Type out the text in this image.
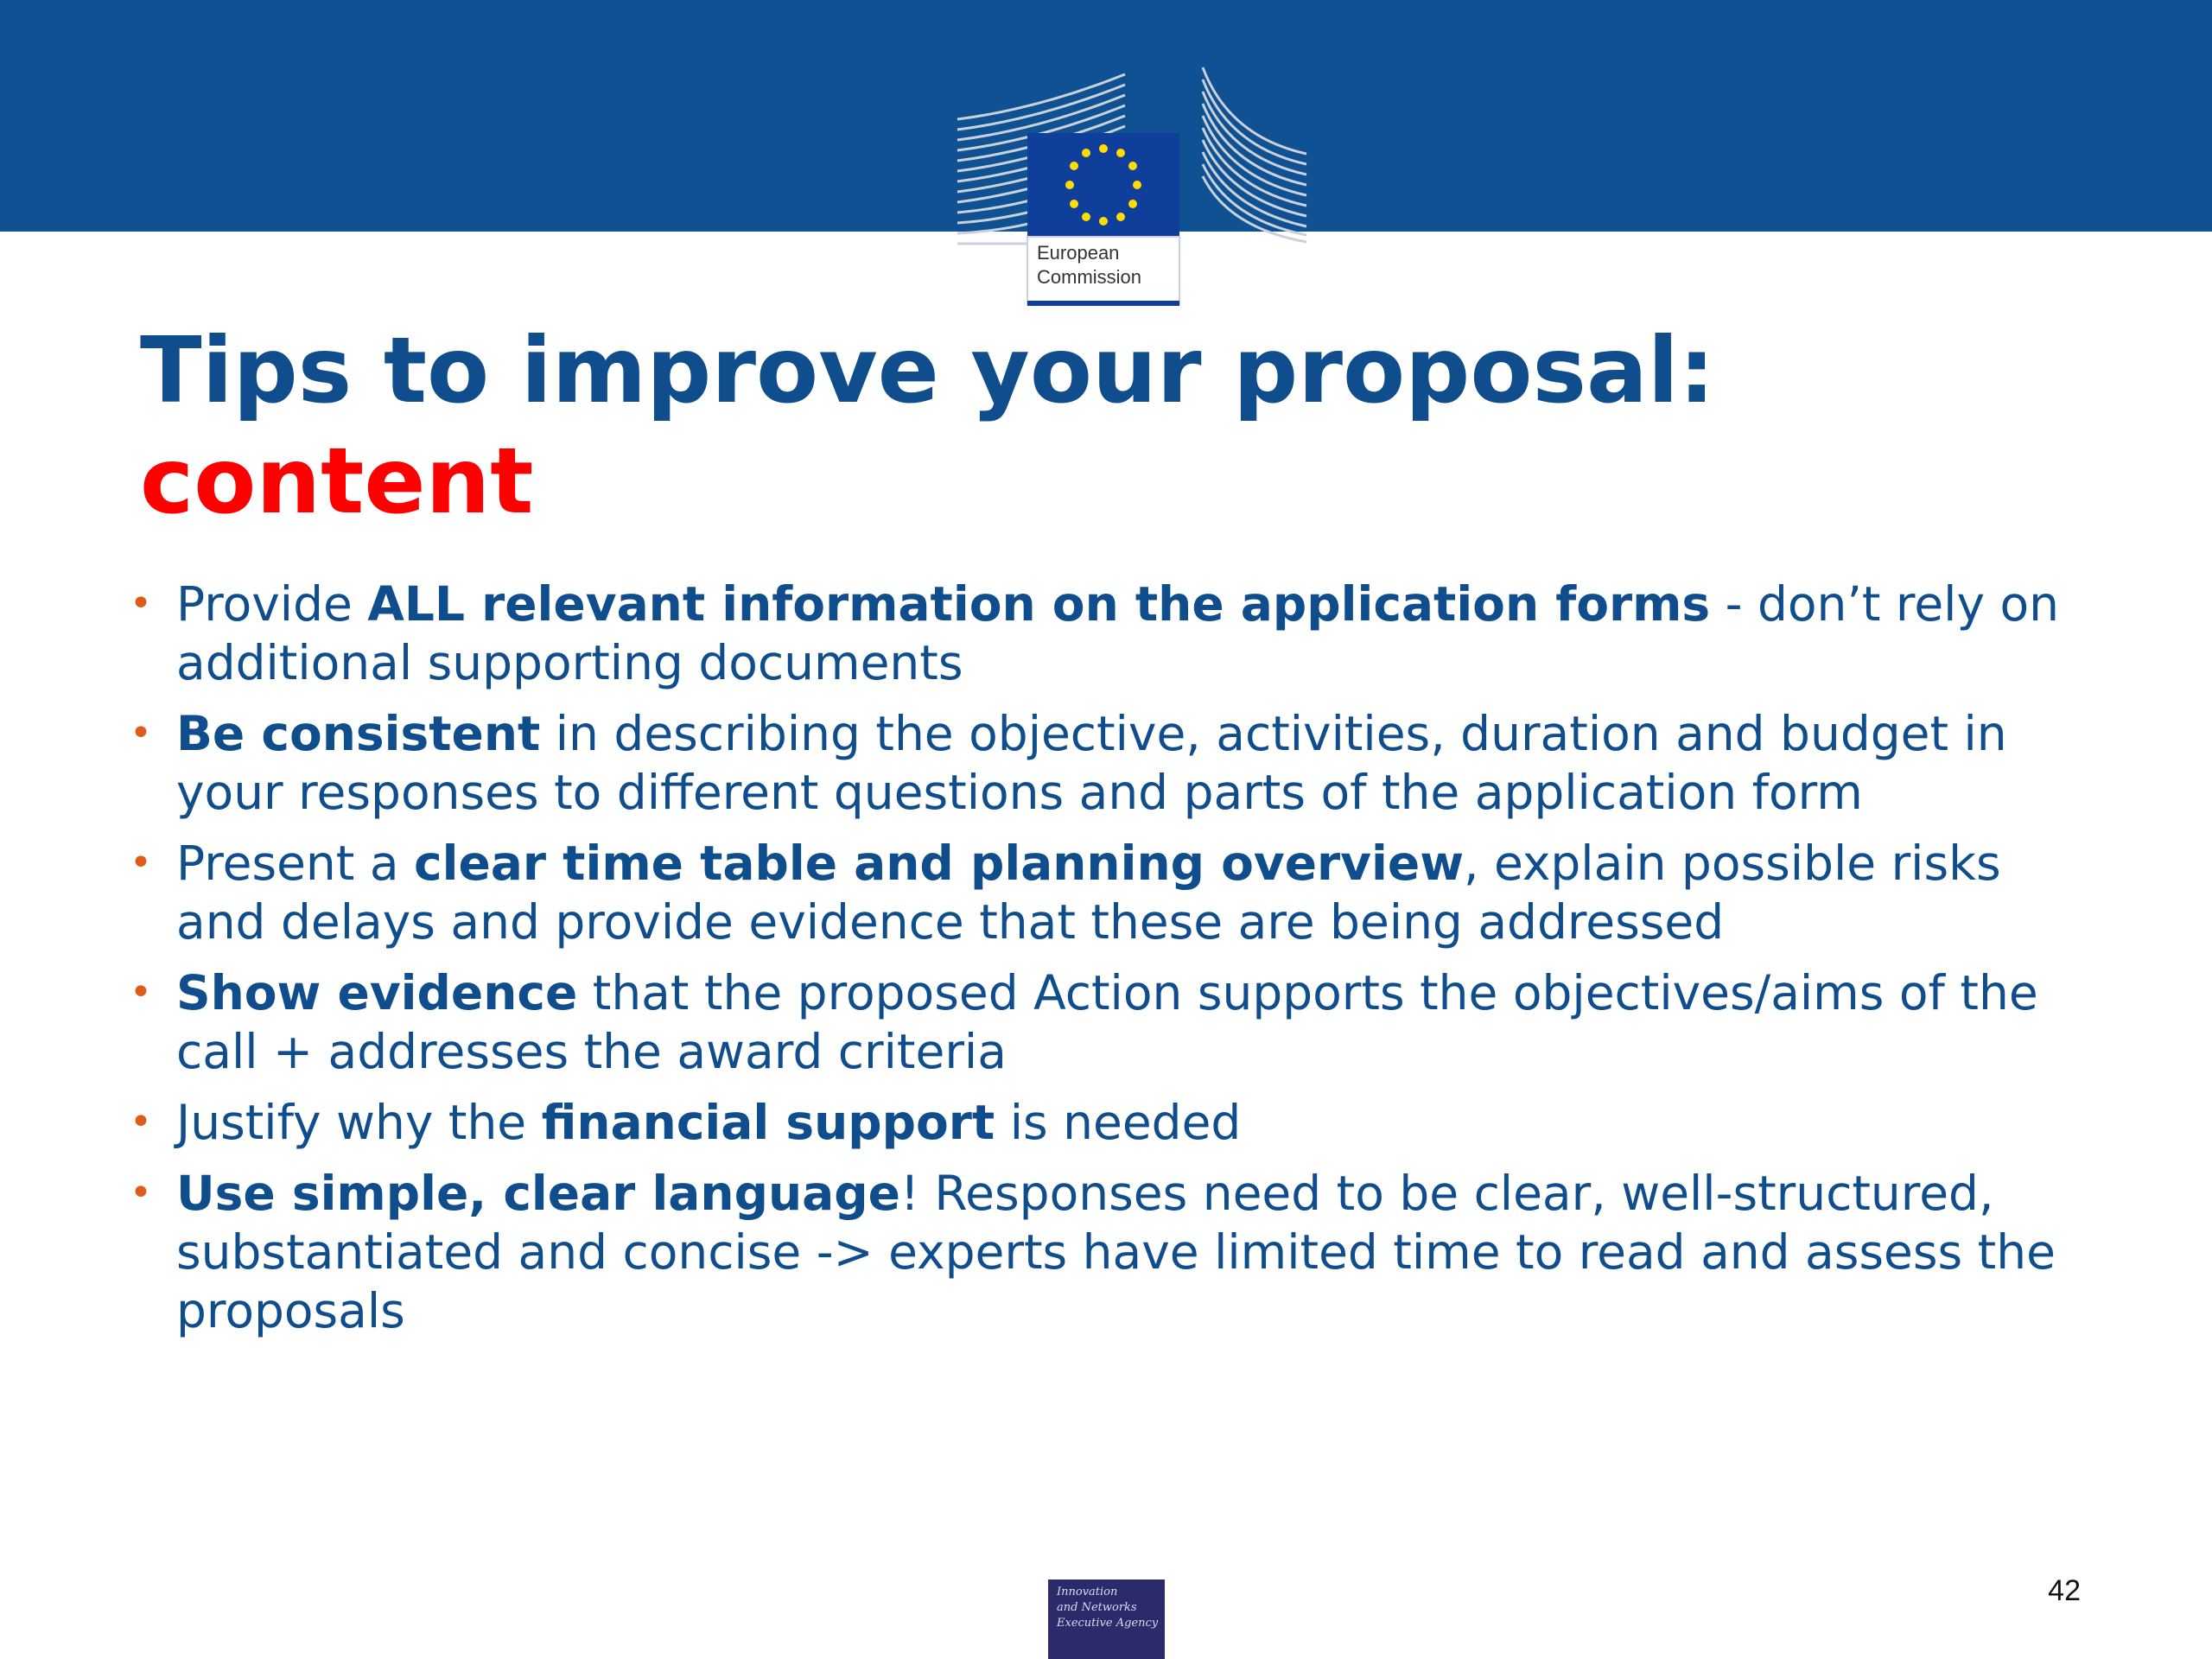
European
Commission
Tips to improve your proposal:
content
• Provide ALL relevant information on the application forms - don’t rely on additional supporting documents
• Be consistent in describing the objective, activities, duration and budget in your responses to different questions and parts of the application form
• Present a clear time table and planning overview, explain possible risks and delays and provide evidence that these are being addressed
• Show evidence that the proposed Action supports the objectives/aims of the call + addresses the award criteria
• Justify why the financial support is needed
• Use simple, clear language! Responses need to be clear, well-structured, substantiated and concise -> experts have limited time to read and assess the proposals
Innovation
and Networks
Executive Agency
42
